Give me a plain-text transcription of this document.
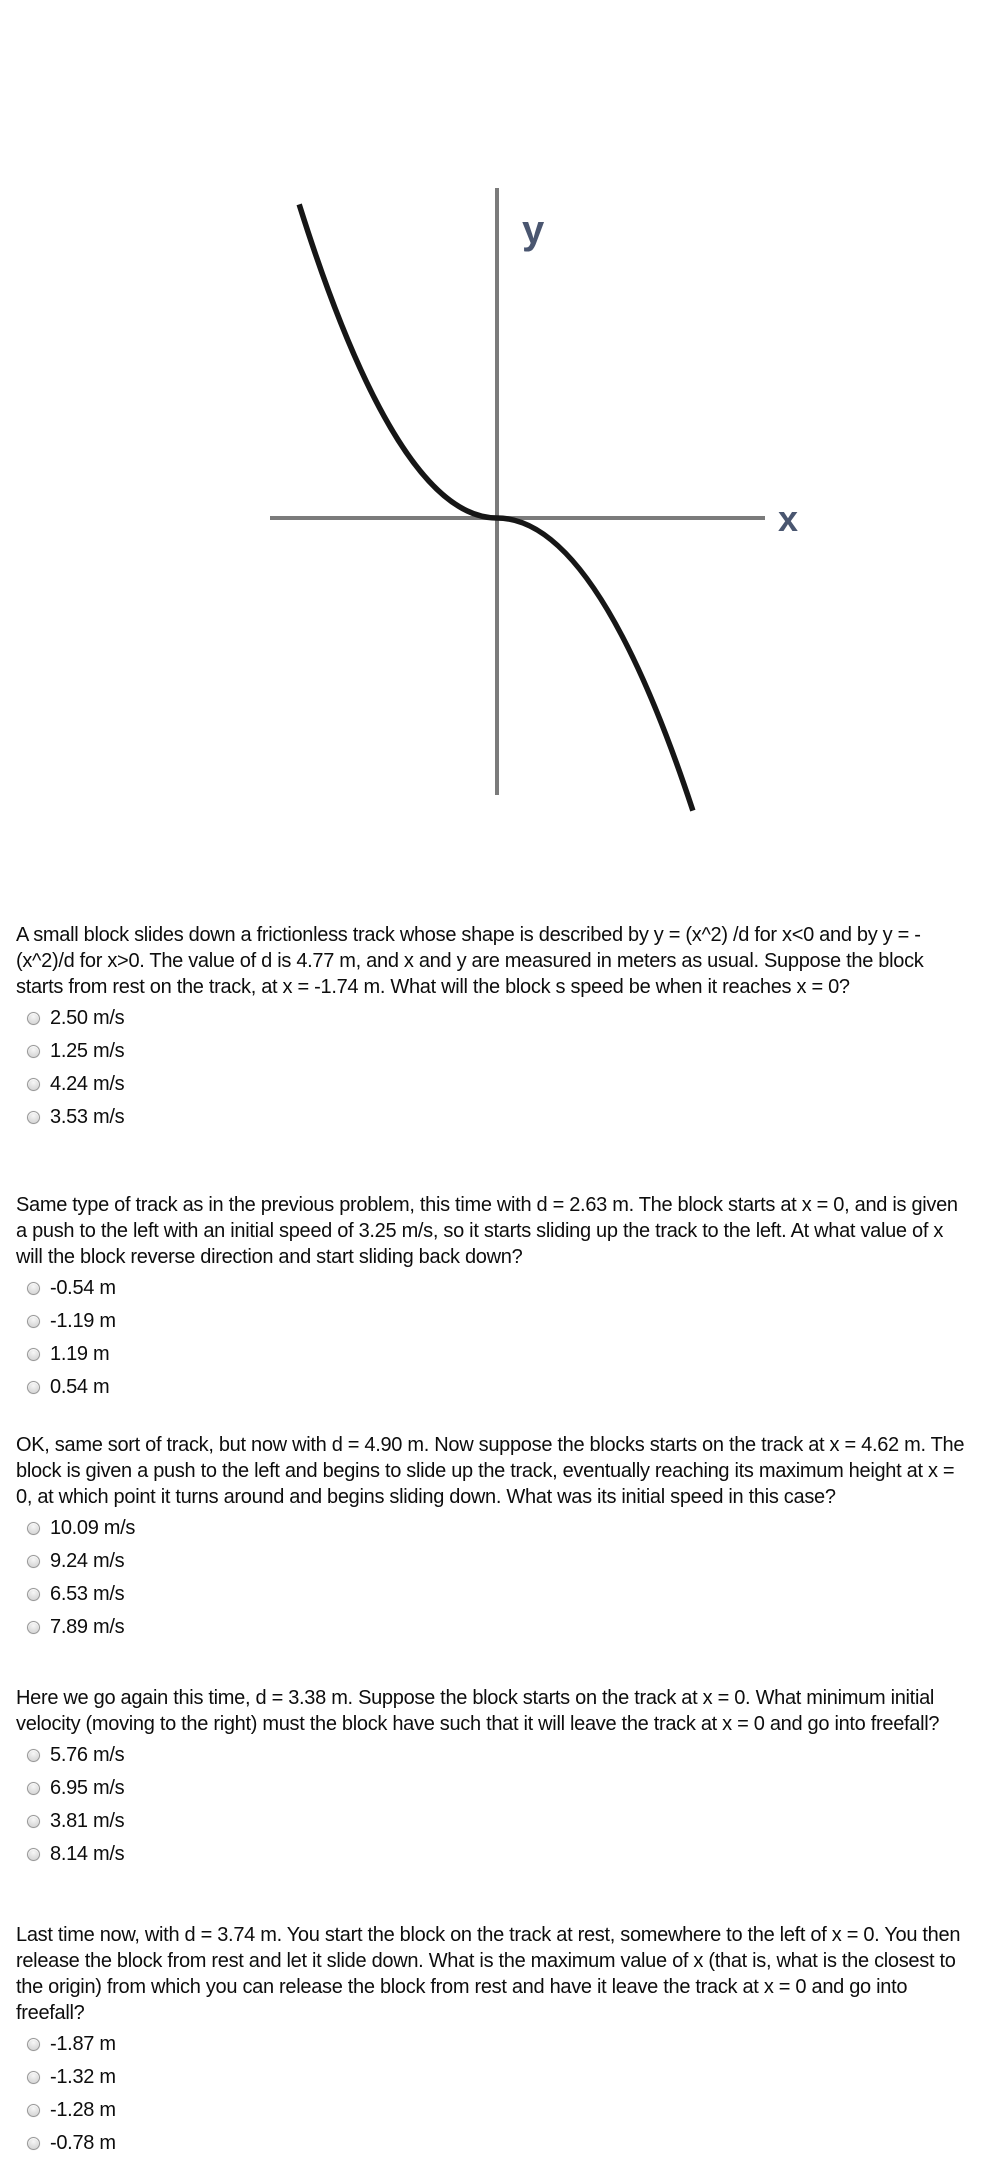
y
x

A small block slides down a frictionless track whose shape is described by y = (x^2) /d for x<0 and by y = -(x^2)/d for x>0. The value of d is 4.77 m, and x and y are measured in meters as usual. Suppose the block starts from rest on the track, at x = -1.74 m. What will the block s speed be when it reaches x = 0?

2.50 m/s
1.25 m/s
4.24 m/s
3.53 m/s

Same type of track as in the previous problem, this time with d = 2.63 m. The block starts at x = 0, and is given a push to the left with an initial speed of 3.25 m/s, so it starts sliding up the track to the left. At what value of x will the block reverse direction and start sliding back down?

-0.54 m
-1.19 m
1.19 m
0.54 m

OK, same sort of track, but now with d = 4.90 m. Now suppose the blocks starts on the track at x = 4.62 m. The block is given a push to the left and begins to slide up the track, eventually reaching its maximum height at x = 0, at which point it turns around and begins sliding down. What was its initial speed in this case?

10.09 m/s
9.24 m/s
6.53 m/s
7.89 m/s

Here we go again this time, d = 3.38 m. Suppose the block starts on the track at x = 0. What minimum initial velocity (moving to the right) must the block have such that it will leave the track at x = 0 and go into freefall?

5.76 m/s
6.95 m/s
3.81 m/s
8.14 m/s

Last time now, with d = 3.74 m. You start the block on the track at rest, somewhere to the left of x = 0. You then release the block from rest and let it slide down. What is the maximum value of x (that is, what is the closest to the origin) from which you can release the block from rest and have it leave the track at x = 0 and go into freefall?

-1.87 m
-1.32 m
-1.28 m
-0.78 m
